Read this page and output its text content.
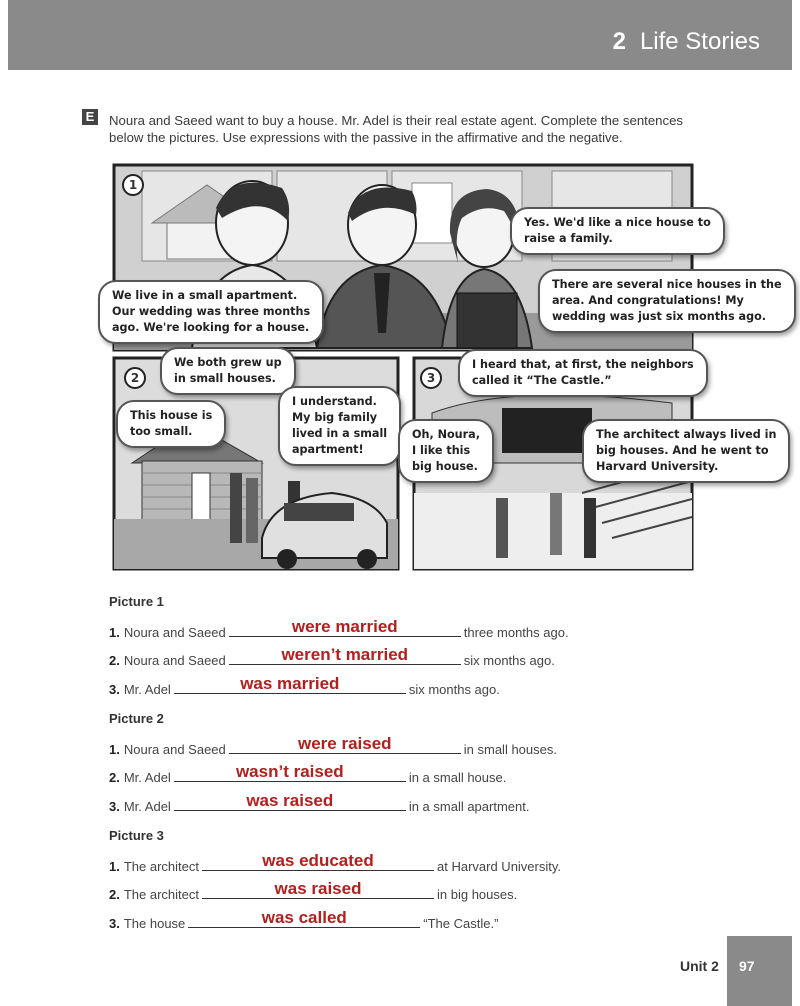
2 Life Stories
E Noura and Saeed want to buy a house. Mr. Adel is their real estate agent. Complete the sentences below the pictures. Use expressions with the passive in the affirmative and the negative.
1
2	3
We live in a small apartment.
Our wedding was three months
ago. We're looking for a house.
Yes. We'd like a nice house to
raise a family.
There are several nice houses in the
area. And congratulations! My
wedding was just six months ago.
We both grew up
in small houses.
This house is
too small.
I understand.
My big family
lived in a small
apartment!
I heard that, at first, the neighbors
called it “The Castle.”
Oh, Noura,
I like this
big house.
The architect always lived in
big houses. And he went to
Harvard University.
Picture 1
1. Noura and Saeed	were married	three months ago.
2. Noura and Saeed	weren’t married	six months ago.
3. Mr. Adel	was married	six months ago.
Picture 2
1. Noura and Saeed	were raised	in small houses.
2. Mr. Adel	wasn’t raised	in a small house.
3. Mr. Adel	was raised	in a small apartment.
Picture 3
1. The architect	was educated	at Harvard University.
2. The architect	was raised	in big houses.
3. The house	was called	“The Castle.”
Unit 2 97
